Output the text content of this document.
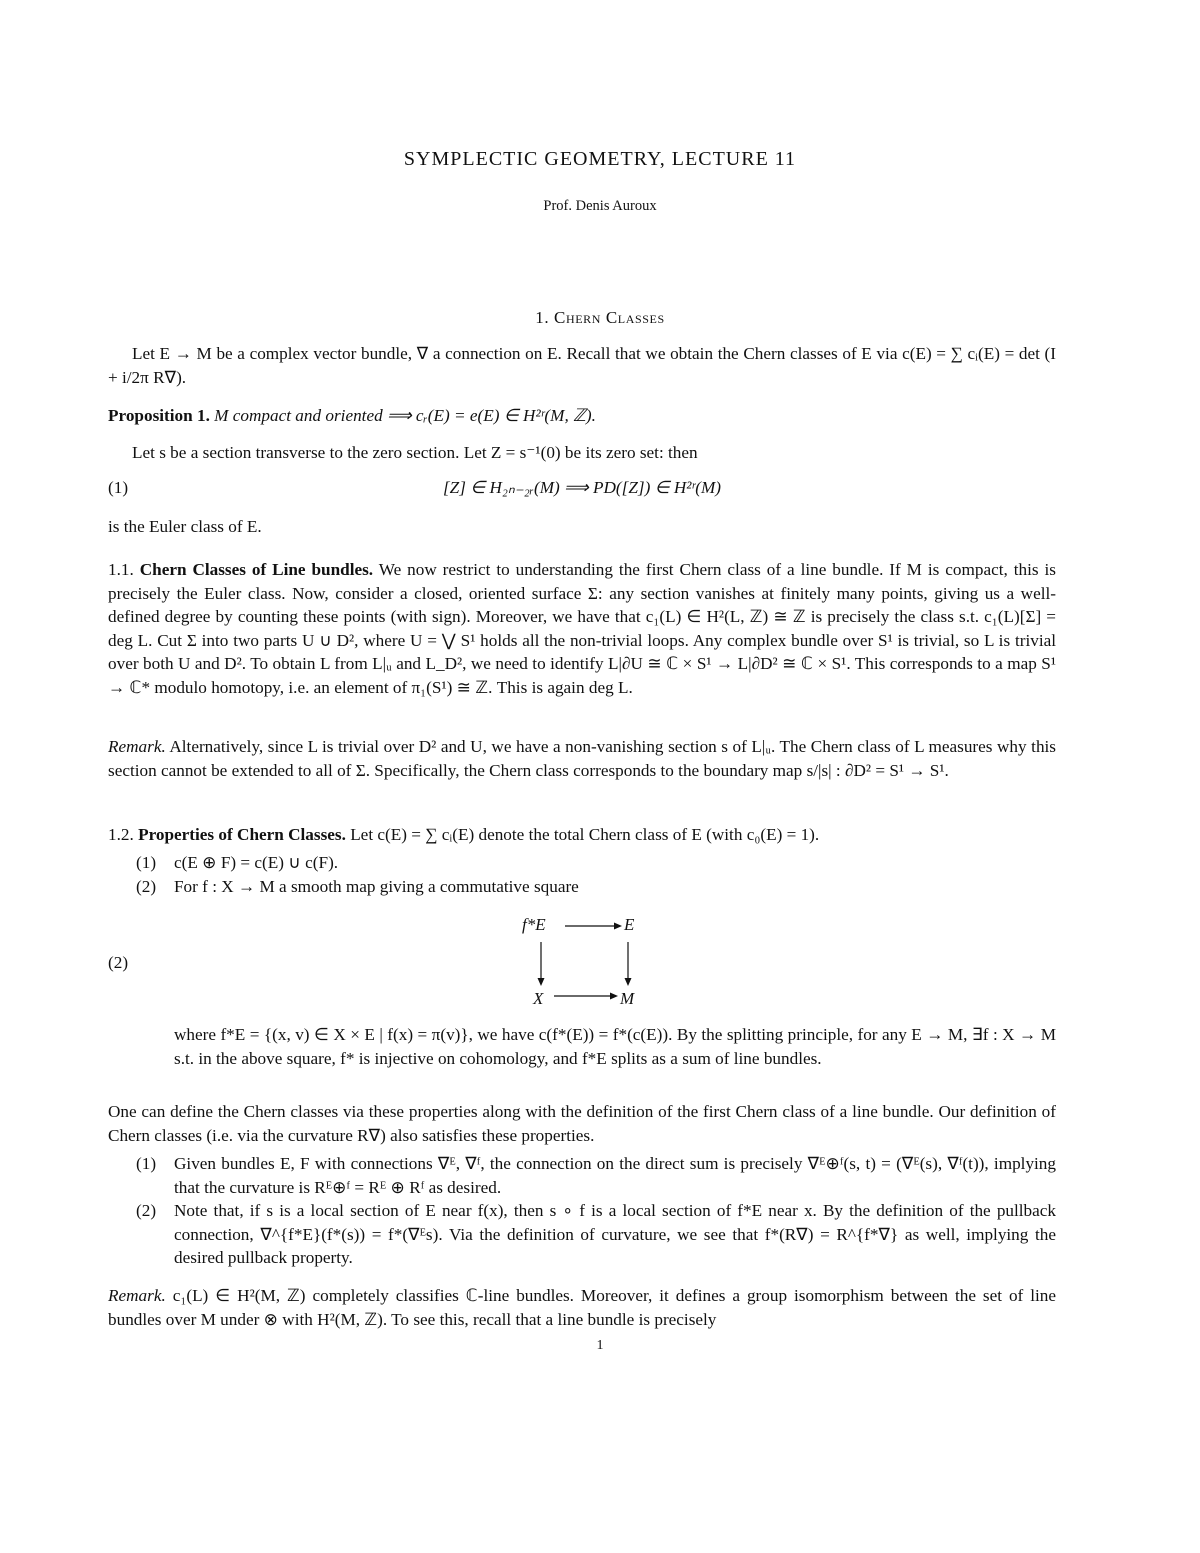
SYMPLECTIC GEOMETRY, LECTURE 11
Prof. Denis Auroux
1. Chern Classes
Let E → M be a complex vector bundle, ∇ a connection on E. Recall that we obtain the Chern classes of E via c(E) = ∑ cᵢ(E) = det (I + i/2π R∇).
Proposition 1. M compact and oriented ⟹ cᵣ(E) = e(E) ∈ H²ʳ(M, ℤ).
Let s be a section transverse to the zero section. Let Z = s⁻¹(0) be its zero set: then
(1)	[Z] ∈ H₂ₙ₋₂ᵣ(M) ⟹ PD([Z]) ∈ H²ʳ(M)
is the Euler class of E.
1.1. Chern Classes of Line bundles. We now restrict to understanding the first Chern class of a line bundle. If M is compact, this is precisely the Euler class. Now, consider a closed, oriented surface Σ: any section vanishes at finitely many points, giving us a well-defined degree by counting these points (with sign). Moreover, we have that c₁(L) ∈ H²(L, ℤ) ≅ ℤ is precisely the class s.t. c₁(L)[Σ] = deg L. Cut Σ into two parts U ∪ D², where U = ⋁ S¹ holds all the non-trivial loops. Any complex bundle over S¹ is trivial, so L is trivial over both U and D². To obtain L from L|ᵤ and L_D², we need to identify L|∂U ≅ ℂ × S¹ → L|∂D² ≅ ℂ × S¹. This corresponds to a map S¹ → ℂ* modulo homotopy, i.e. an element of π₁(S¹) ≅ ℤ. This is again deg L.
Remark. Alternatively, since L is trivial over D² and U, we have a non-vanishing section s of L|ᵤ. The Chern class of L measures why this section cannot be extended to all of Σ. Specifically, the Chern class corresponds to the boundary map s/|s| : ∂D² = S¹ → S¹.
1.2. Properties of Chern Classes. Let c(E) = ∑ cᵢ(E) denote the total Chern class of E (with c₀(E) = 1).
(1) c(E ⊕ F) = c(E) ∪ c(F).
(2) For f : X → M a smooth map giving a commutative square
(2)
f*E	E
X	M
where f*E = {(x, v) ∈ X × E | f(x) = π(v)}, we have c(f*(E)) = f*(c(E)). By the splitting principle, for any E → M, ∃f : X → M s.t. in the above square, f* is injective on cohomology, and f*E splits as a sum of line bundles.
One can define the Chern classes via these properties along with the definition of the first Chern class of a line bundle. Our definition of Chern classes (i.e. via the curvature R∇) also satisfies these properties.
(1) Given bundles E, F with connections ∇ᴱ, ∇ᶠ, the connection on the direct sum is precisely ∇ᴱ⊕ᶠ(s, t) = (∇ᴱ(s), ∇ᶠ(t)), implying that the curvature is Rᴱ⊕ᶠ = Rᴱ ⊕ Rᶠ as desired.
(2) Note that, if s is a local section of E near f(x), then s ∘ f is a local section of f*E near x. By the definition of the pullback connection, ∇^{f*E}(f*(s)) = f*(∇ᴱs). Via the definition of curvature, we see that f*(R∇) = R^{f*∇} as well, implying the desired pullback property.
Remark. c₁(L) ∈ H²(M, ℤ) completely classifies ℂ-line bundles. Moreover, it defines a group isomorphism between the set of line bundles over M under ⊗ with H²(M, ℤ). To see this, recall that a line bundle is precisely
1
